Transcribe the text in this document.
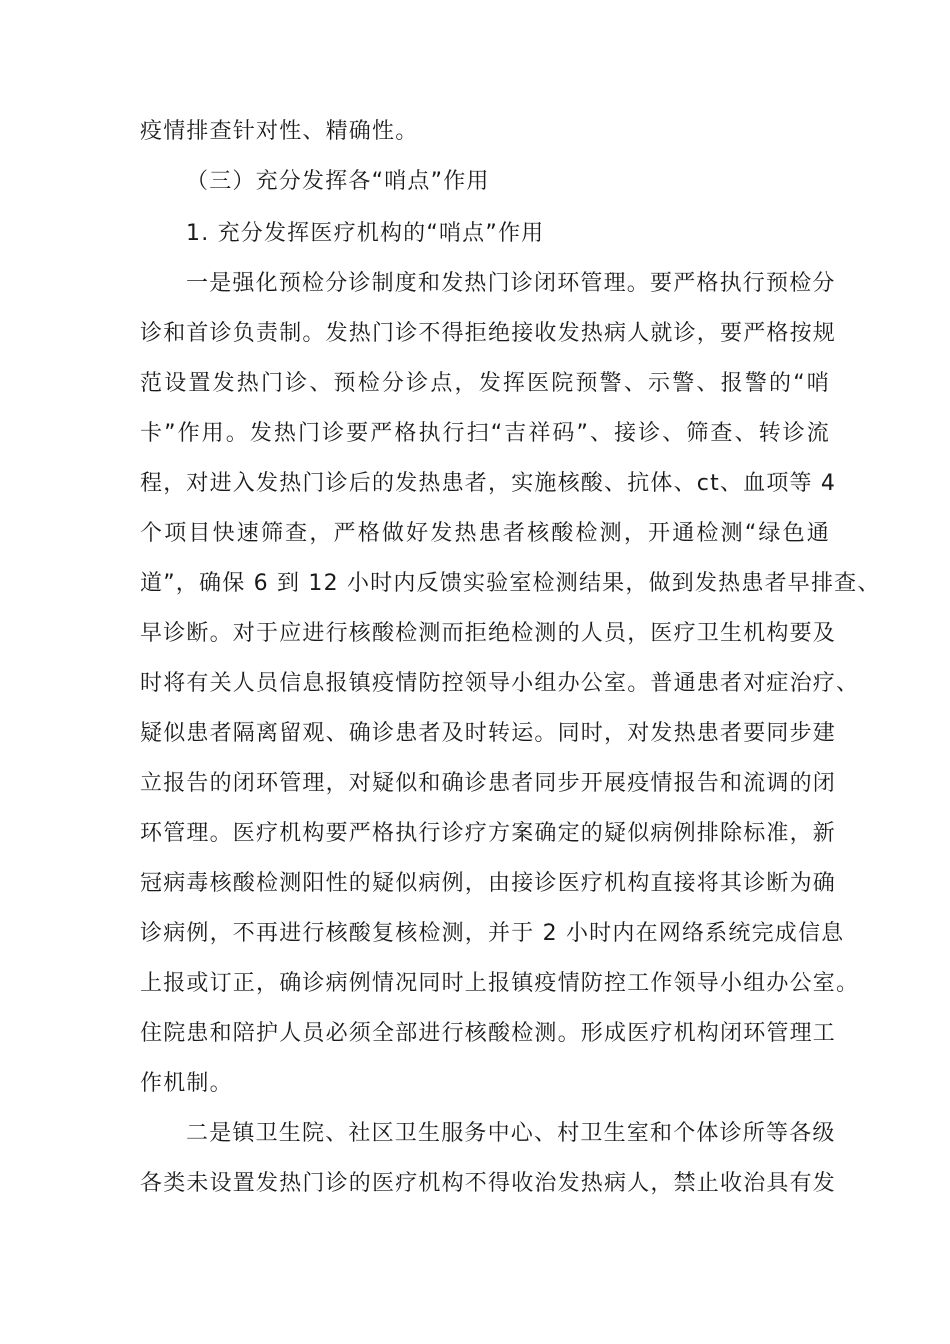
疫情排查针对性、精确性。
（三）充分发挥各“哨点”作用
1. 充分发挥医疗机构的“哨点”作用
一是强化预检分诊制度和发热门诊闭环管理。要严格执行预检分
诊和首诊负责制。发热门诊不得拒绝接收发热病人就诊，要严格按规
范设置发热门诊、预检分诊点，发挥医院预警、示警、报警的“哨
卡”作用。发热门诊要严格执行扫“吉祥码”、接诊、筛查、转诊流
程，对进入发热门诊后的发热患者，实施核酸、抗体、ct、血项等 4
个项目快速筛查，严格做好发热患者核酸检测，开通检测“绿色通
道”，确保 6 到 12 小时内反馈实验室检测结果，做到发热患者早排查、
早诊断。对于应进行核酸检测而拒绝检测的人员，医疗卫生机构要及
时将有关人员信息报镇疫情防控领导小组办公室。普通患者对症治疗、
疑似患者隔离留观、确诊患者及时转运。同时，对发热患者要同步建
立报告的闭环管理，对疑似和确诊患者同步开展疫情报告和流调的闭
环管理。医疗机构要严格执行诊疗方案确定的疑似病例排除标准，新
冠病毒核酸检测阳性的疑似病例，由接诊医疗机构直接将其诊断为确
诊病例，不再进行核酸复核检测，并于 2 小时内在网络系统完成信息
上报或订正，确诊病例情况同时上报镇疫情防控工作领导小组办公室。
住院患和陪护人员必须全部进行核酸检测。形成医疗机构闭环管理工
作机制。
二是镇卫生院、社区卫生服务中心、村卫生室和个体诊所等各级
各类未设置发热门诊的医疗机构不得收治发热病人，禁止收治具有发
